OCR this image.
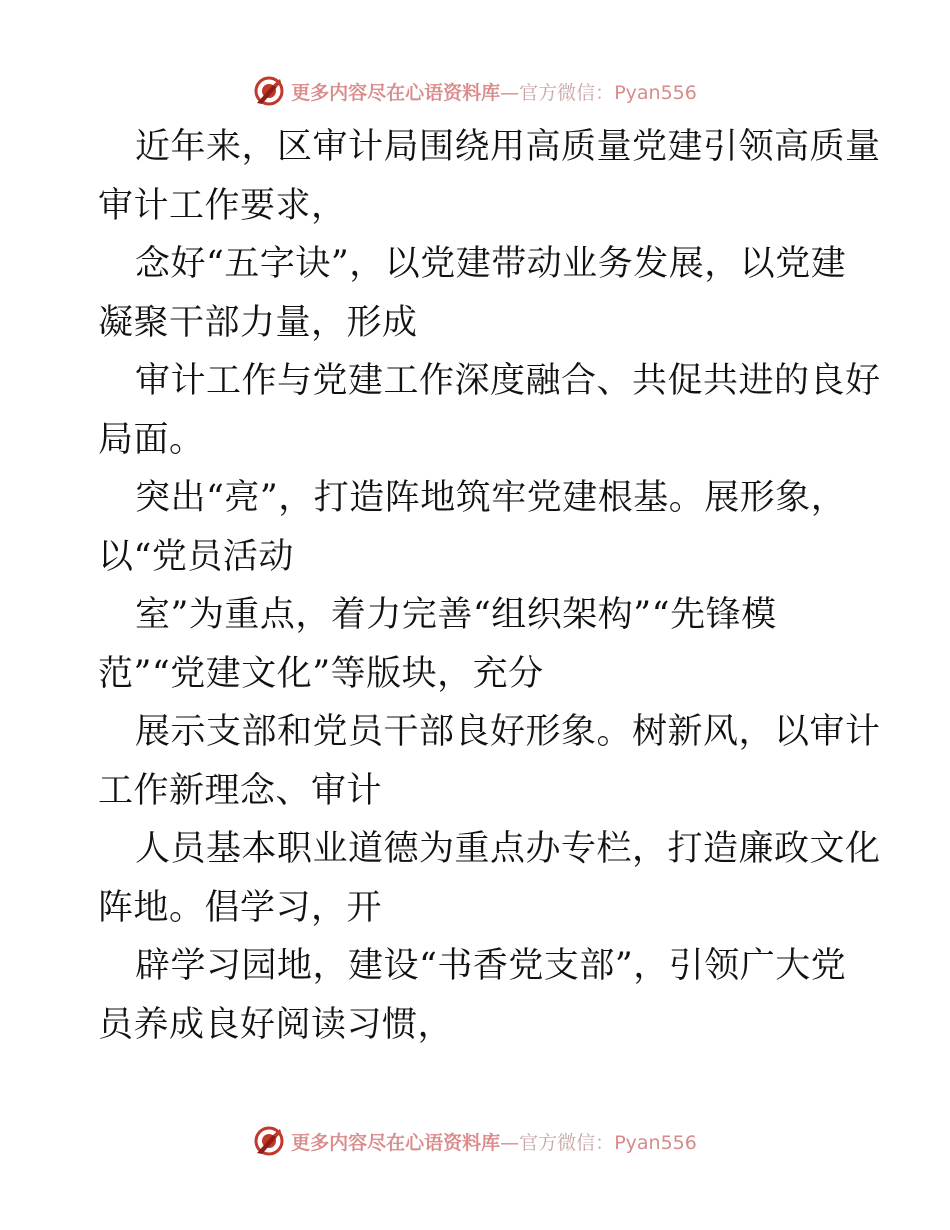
更多内容尽在心语资料库—官方微信：Pyan556
近年来，区审计局围绕用高质量党建引领高质量
审计工作要求，
念好“五字诀”，以党建带动业务发展，以党建
凝聚干部力量，形成
审计工作与党建工作深度融合、共促共进的良好
局面。
突出“亮”，打造阵地筑牢党建根基。展形象，
以“党员活动
室”为重点，着力完善“组织架构”“先锋模
范”“党建文化”等版块，充分
展示支部和党员干部良好形象。树新风，以审计
工作新理念、审计
人员基本职业道德为重点办专栏，打造廉政文化
阵地。倡学习，开
辟学习园地，建设“书香党支部”，引领广大党
员养成良好阅读习惯，
更多内容尽在心语资料库—官方微信：Pyan556
